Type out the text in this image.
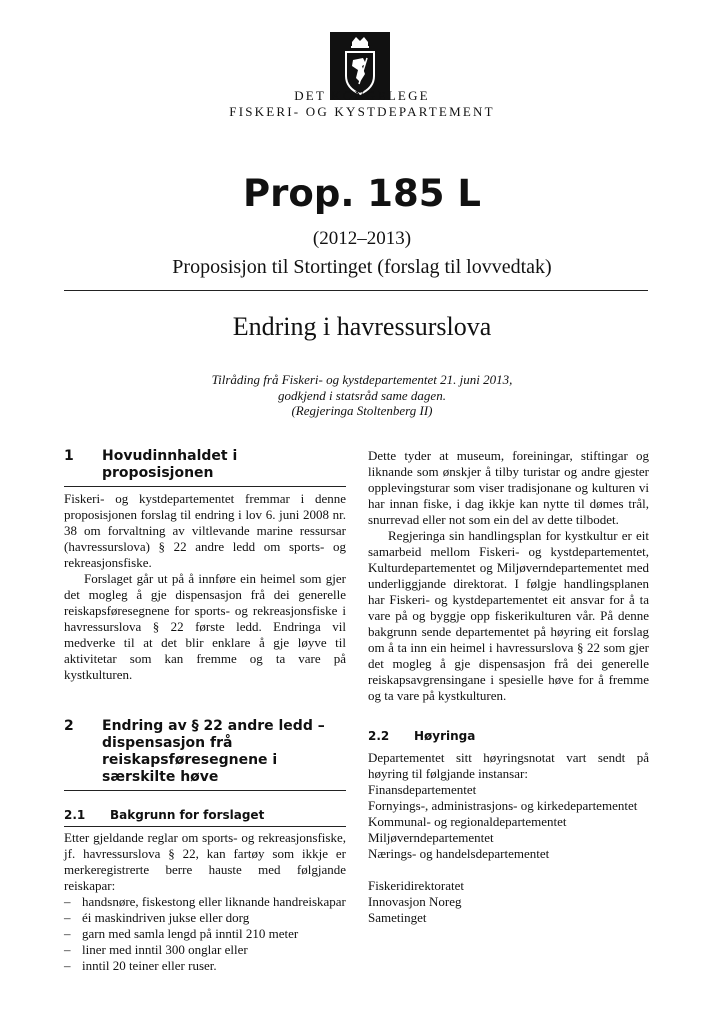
DET KONGELEGE
FISKERI- OG KYSTDEPARTEMENT
Prop. 185 L
(2012–2013)
Proposisjon til Stortinget (forslag til lovvedtak)
Endring i havressurslova
Tilråding frå Fiskeri- og kystdepartementet 21. juni 2013,
godkjend i statsråd same dagen.
(Regjeringa Stoltenberg II)
1	Hovudinnhaldet i proposisjonen

Fiskeri- og kystdepartementet fremmar i denne proposisjonen forslag til endring i lov 6. juni 2008 nr. 38 om forvaltning av viltlevande marine ressursar (havressurslova) § 22 andre ledd om sports- og rekreasjonsfiske.

Forslaget går ut på å innføre ein heimel som gjer det mogleg å gje dispensasjon frå dei generelle reiskapsføresegnene for sports- og rekreasjonsfiske i havressurslova § 22 første ledd. Endringa vil medverke til at det blir enklare å gje løyve til aktivitetar som kan fremme og ta vare på kystkulturen.

2	Endring av § 22 andre ledd – dispensasjon frå reiskapsføresegnene i særskilte høve
2.1	Bakgrunn for forslaget

Etter gjeldande reglar om sports- og rekreasjonsfiske, jf. havressurslova § 22, kan fartøy som ikkje er merkeregistrerte berre hauste med følgjande reiskapar:

– handsnøre, fiskestong eller liknande handreiskapar
– éi maskindriven jukse eller dorg
– garn med samla lengd på inntil 210 meter
– liner med inntil 300 onglar eller
– inntil 20 teiner eller ruser.

Dette tyder at museum, foreiningar, stiftingar og liknande som ønskjer å tilby turistar og andre gjester opplevingsturar som viser tradisjonane og kulturen vi har innan fiske, i dag ikkje kan nytte til dømes trål, snurrevad eller not som ein del av dette tilbodet.

Regjeringa sin handlingsplan for kystkultur er eit samarbeid mellom Fiskeri- og kystdepartementet, Kulturdepartementet og Miljøverndepartementet med underliggjande direktorat. I følgje handlingsplanen har Fiskeri- og kystdepartementet eit ansvar for å ta vare på og byggje opp fiskerikulturen vår. På denne bakgrunn sende departementet på høyring eit forslag om å ta inn ein heimel i havressurslova § 22 som gjer det mogleg å gje dispensasjon frå dei generelle reiskapsavgrensingane i spesielle høve for å fremme og ta vare på kystkulturen.

2.2	Høyringa

Departementet sitt høyringsnotat vart sendt på høyring til følgjande instansar:

Finansdepartementet
Fornyings-, administrasjons- og kirkedepartementet
Kommunal- og regionaldepartementet
Miljøverndepartementet
Nærings- og handelsdepartementet
Fiskeridirektoratet
Innovasjon Noreg
Sametinget
